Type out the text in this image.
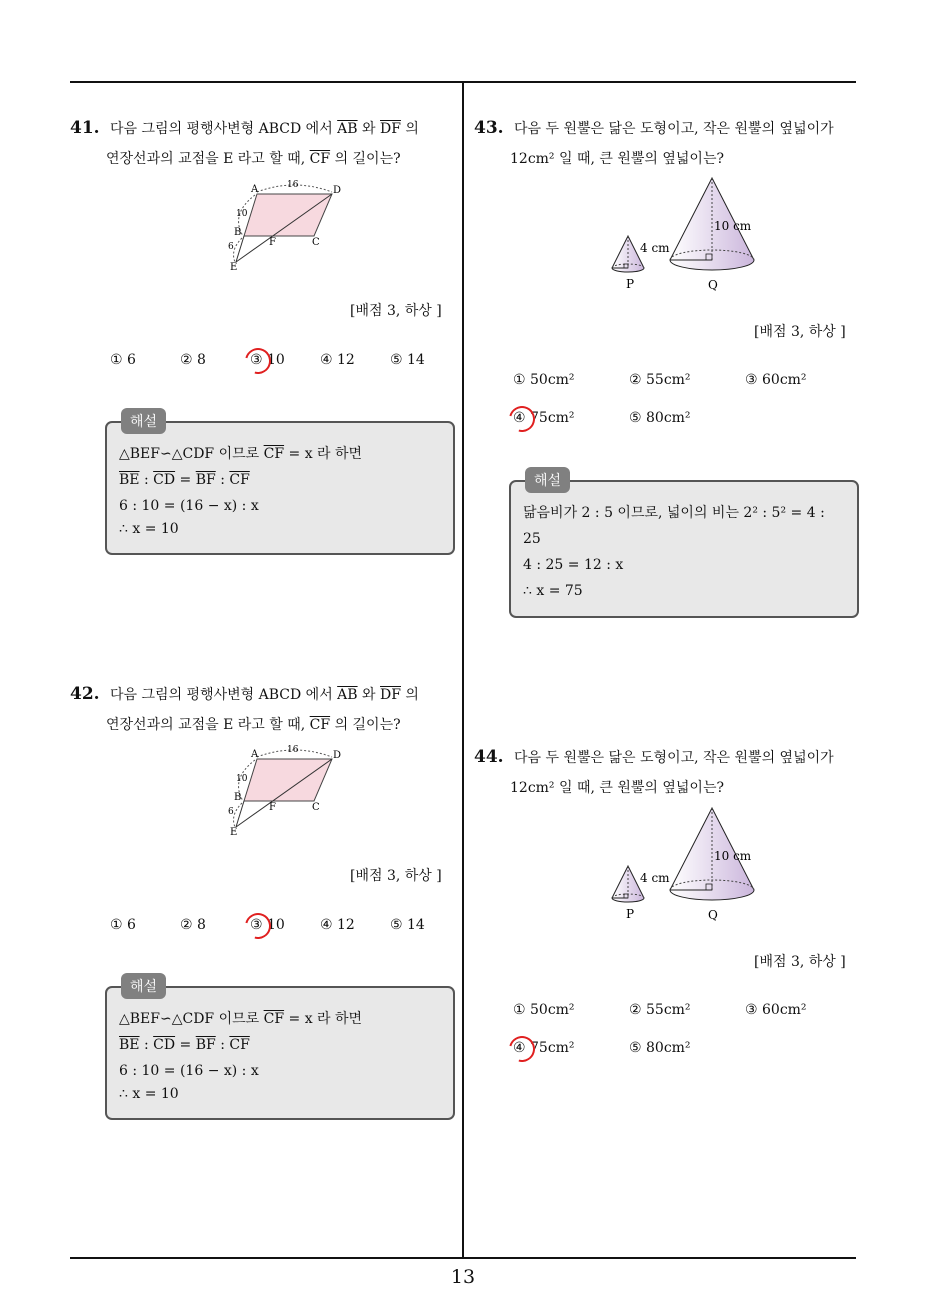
13
41. 다음 그림의 평행사변형 ABCD 에서 $\overline{AB}$ 와 $\overline{DF}$ 의
연장선과의 교점을 E 라고 할 때, $\overline{CF}$ 의 길이는?
A	D
B
C
F
E
16
10
6
[배점 3, 하상 ]
① 6	② 8	③ 10	④ 12	⑤ 14
해설
△BEF∽△CDF 이므로 $\overline{CF} = x$ 라 하면
$\overline{BE}$ : $\overline{CD} = \overline{BF}$ : $\overline{CF}$
6 : 10 = (16 − x) : x
∴ x = 10
42. 다음 그림의 평행사변형 ABCD 에서 $\overline{AB}$ 와 $\overline{DF}$ 의
연장선과의 교점을 E 라고 할 때, $\overline{CF}$ 의 길이는?
A	D
B
C
F
E
16
10
6
[배점 3, 하상 ]
① 6	② 8	③ 10	④ 12	⑤ 14
해설
△BEF∽△CDF 이므로 $\overline{CF} = x$ 라 하면
$\overline{BE}$ : $\overline{CD} = \overline{BF}$ : $\overline{CF}$
6 : 10 = (16 − x) : x
∴ x = 10
43. 다음 두 원뿔은 닮은 도형이고, 작은 원뿔의 옆넓이가
12cm² 일 때, 큰 원뿔의 옆넓이는?
4 cm
10 cm
P	Q
[배점 3, 하상 ]
① 50cm²	② 55cm²	③ 60cm²
④ 75cm²	⑤ 80cm²
해설
닮음비가 2 : 5 이므로, 넓이의 비는 2² : 5² = 4 :
25
4 : 25 = 12 : x
∴ x = 75
44. 다음 두 원뿔은 닮은 도형이고, 작은 원뿔의 옆넓이가
12cm² 일 때, 큰 원뿔의 옆넓이는?
4 cm
10 cm
P	Q
[배점 3, 하상 ]
① 50cm²	② 55cm²	③ 60cm²
④ 75cm²	⑤ 80cm²
